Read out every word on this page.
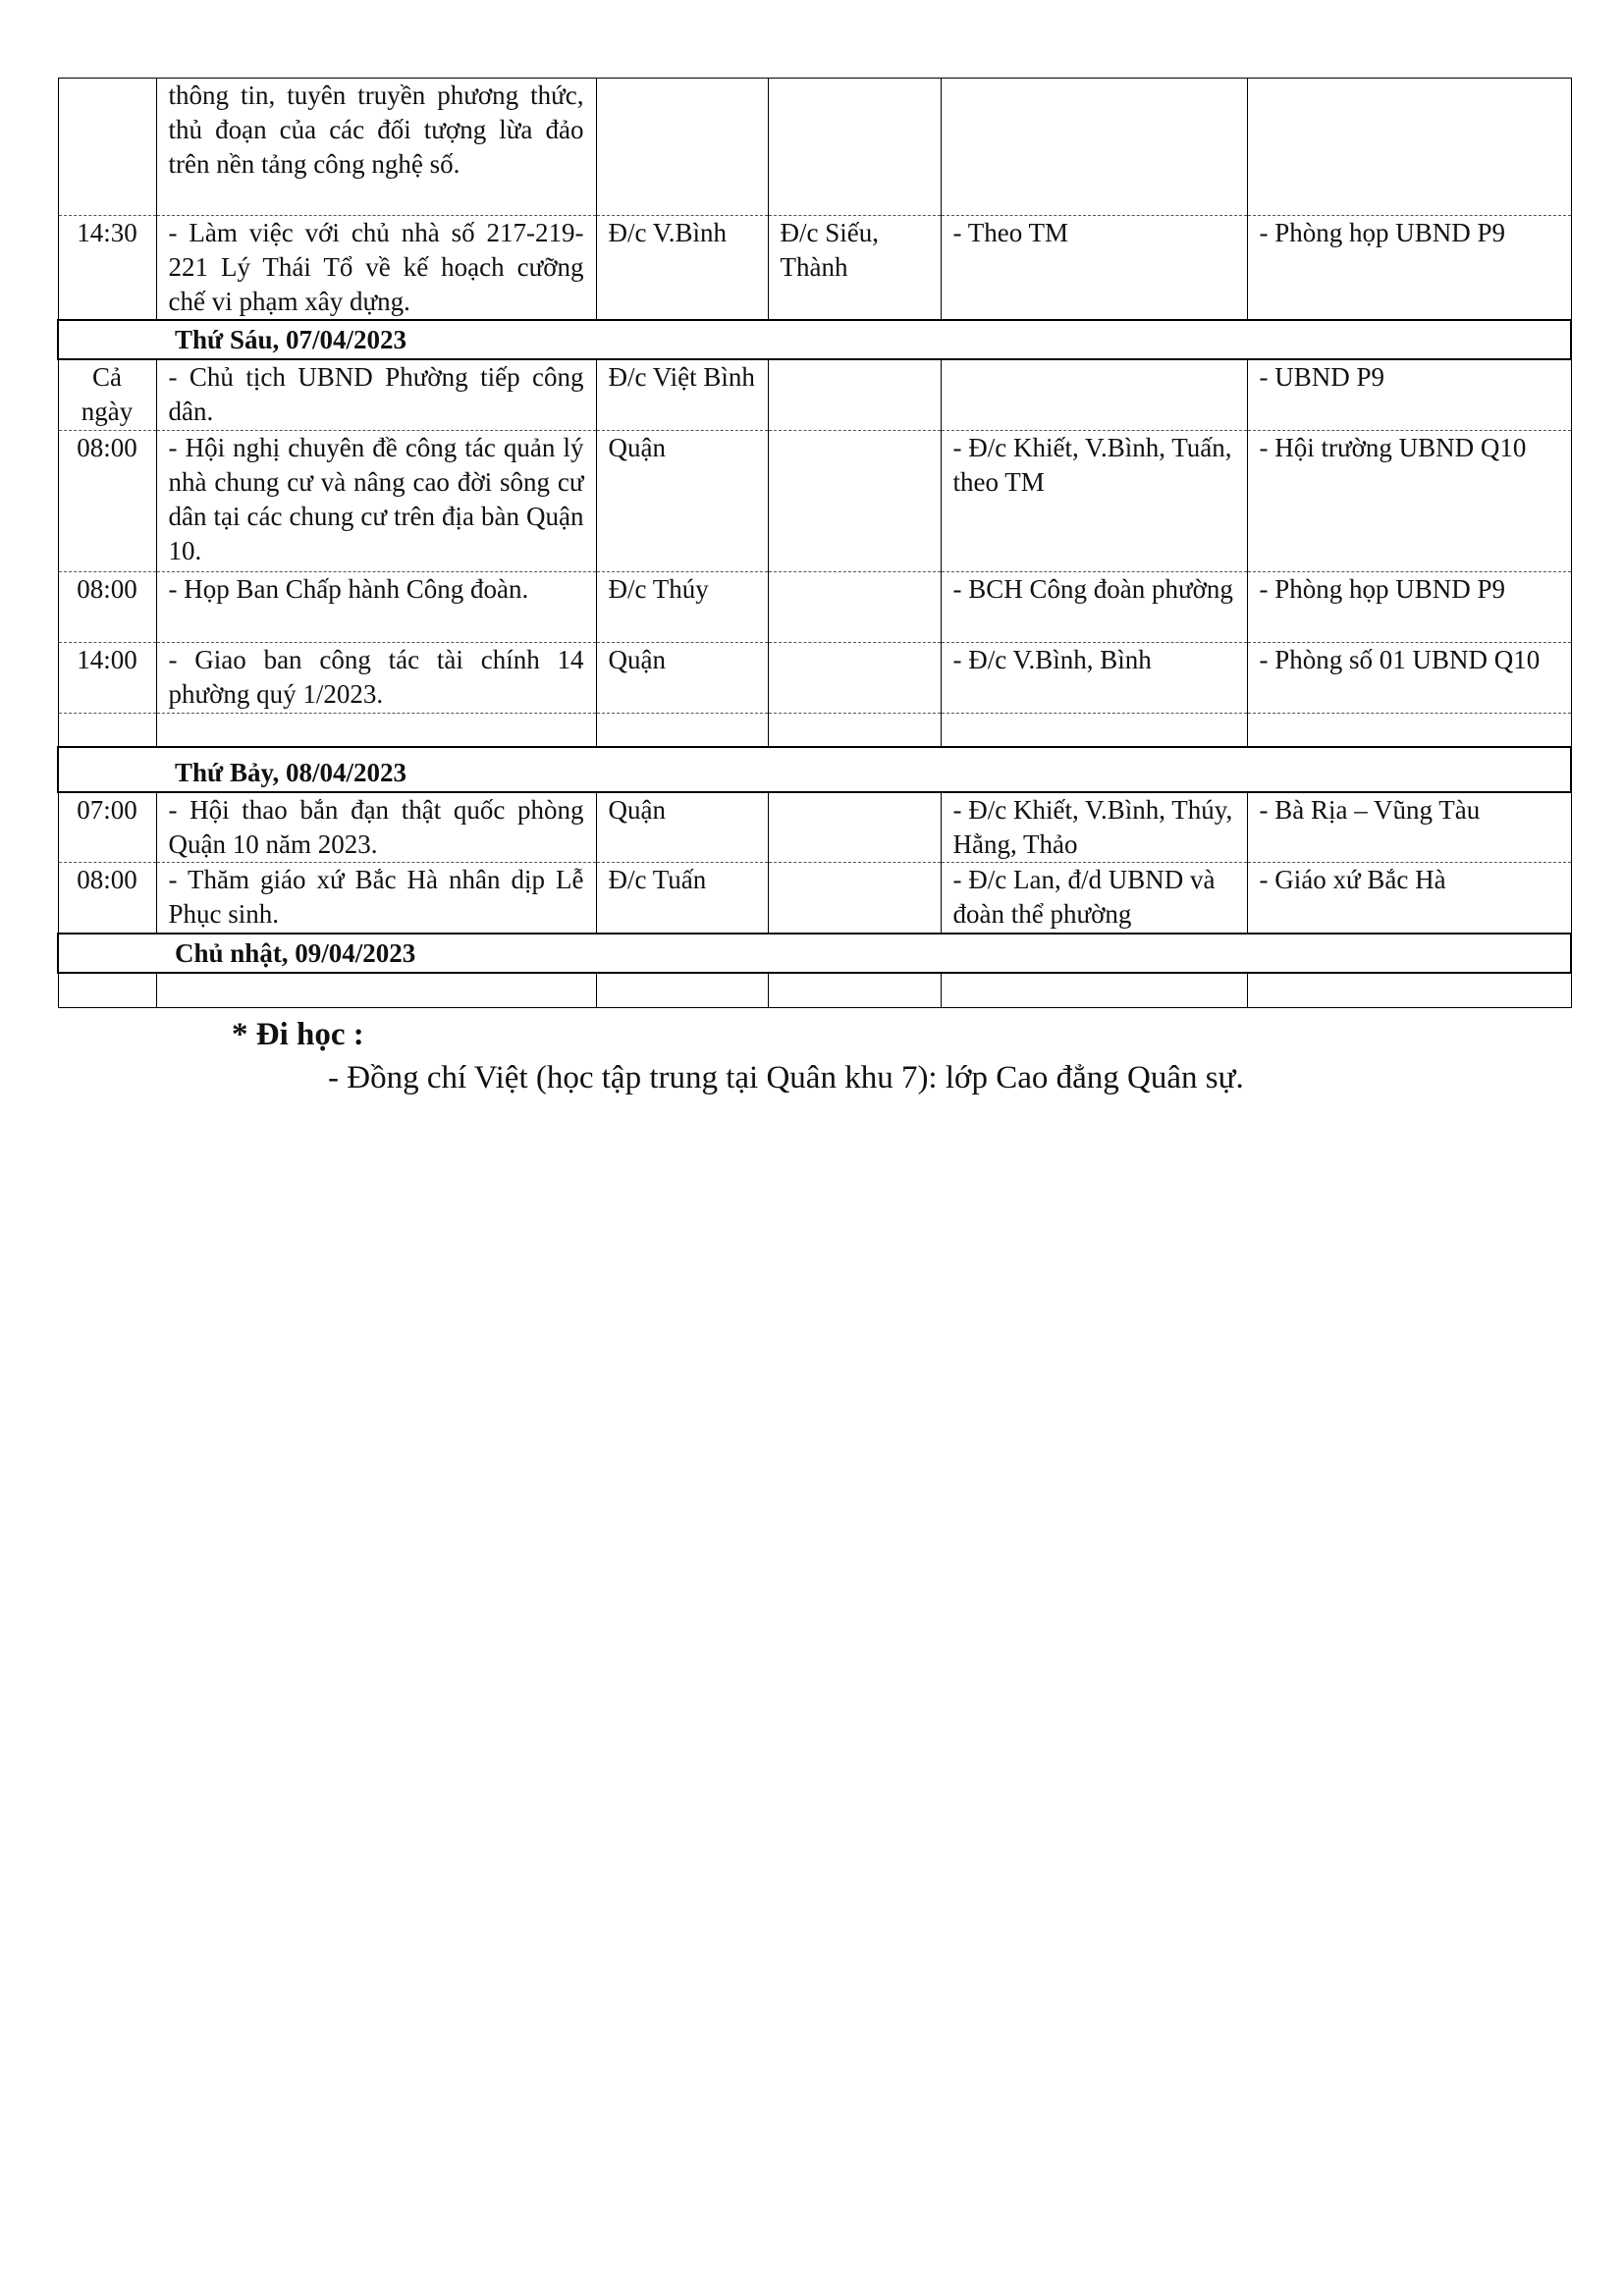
	thông tin, tuyên truyền phương thức, thủ đoạn của các đối tượng lừa đảo trên nền tảng công nghệ số.				
14:30	- Làm việc với chủ nhà số 217-219-221 Lý Thái Tổ về kế hoạch cưỡng chế vi phạm xây dựng.	Đ/c V.Bình	Đ/c Siếu, Thành	- Theo TM	- Phòng họp UBND P9
Thứ Sáu, 07/04/2023					
Cả ngày	- Chủ tịch UBND Phường tiếp công dân.	Đ/c Việt Bình			- UBND P9
08:00	- Hội nghị chuyên đề công tác quản lý nhà chung cư và nâng cao đời sông cư dân tại các chung cư trên địa bàn Quận 10.	Quận		- Đ/c Khiết, V.Bình, Tuấn, theo TM	- Hội trường UBND Q10
08:00	- Họp Ban Chấp hành Công đoàn.	Đ/c Thúy		- BCH Công đoàn phường	- Phòng họp UBND P9
14:00	- Giao ban công tác tài chính 14 phường quý 1/2023.	Quận		- Đ/c V.Bình, Bình	- Phòng số 01 UBND Q10

Thứ Bảy, 08/04/2023					
07:00	- Hội thao bắn đạn thật quốc phòng Quận 10 năm 2023.	Quận		- Đ/c Khiết, V.Bình, Thúy, Hằng, Thảo	- Bà Rịa – Vũng Tàu
08:00	- Thăm giáo xứ Bắc Hà nhân dịp Lễ Phục sinh.	Đ/c Tuấn		- Đ/c Lan, đ/d UBND và đoàn thể phường	- Giáo xứ Bắc Hà
Chủ nhật, 09/04/2023					

* Đi học :
- Đồng chí Việt (học tập trung tại Quân khu 7): lớp Cao đẳng Quân sự.
